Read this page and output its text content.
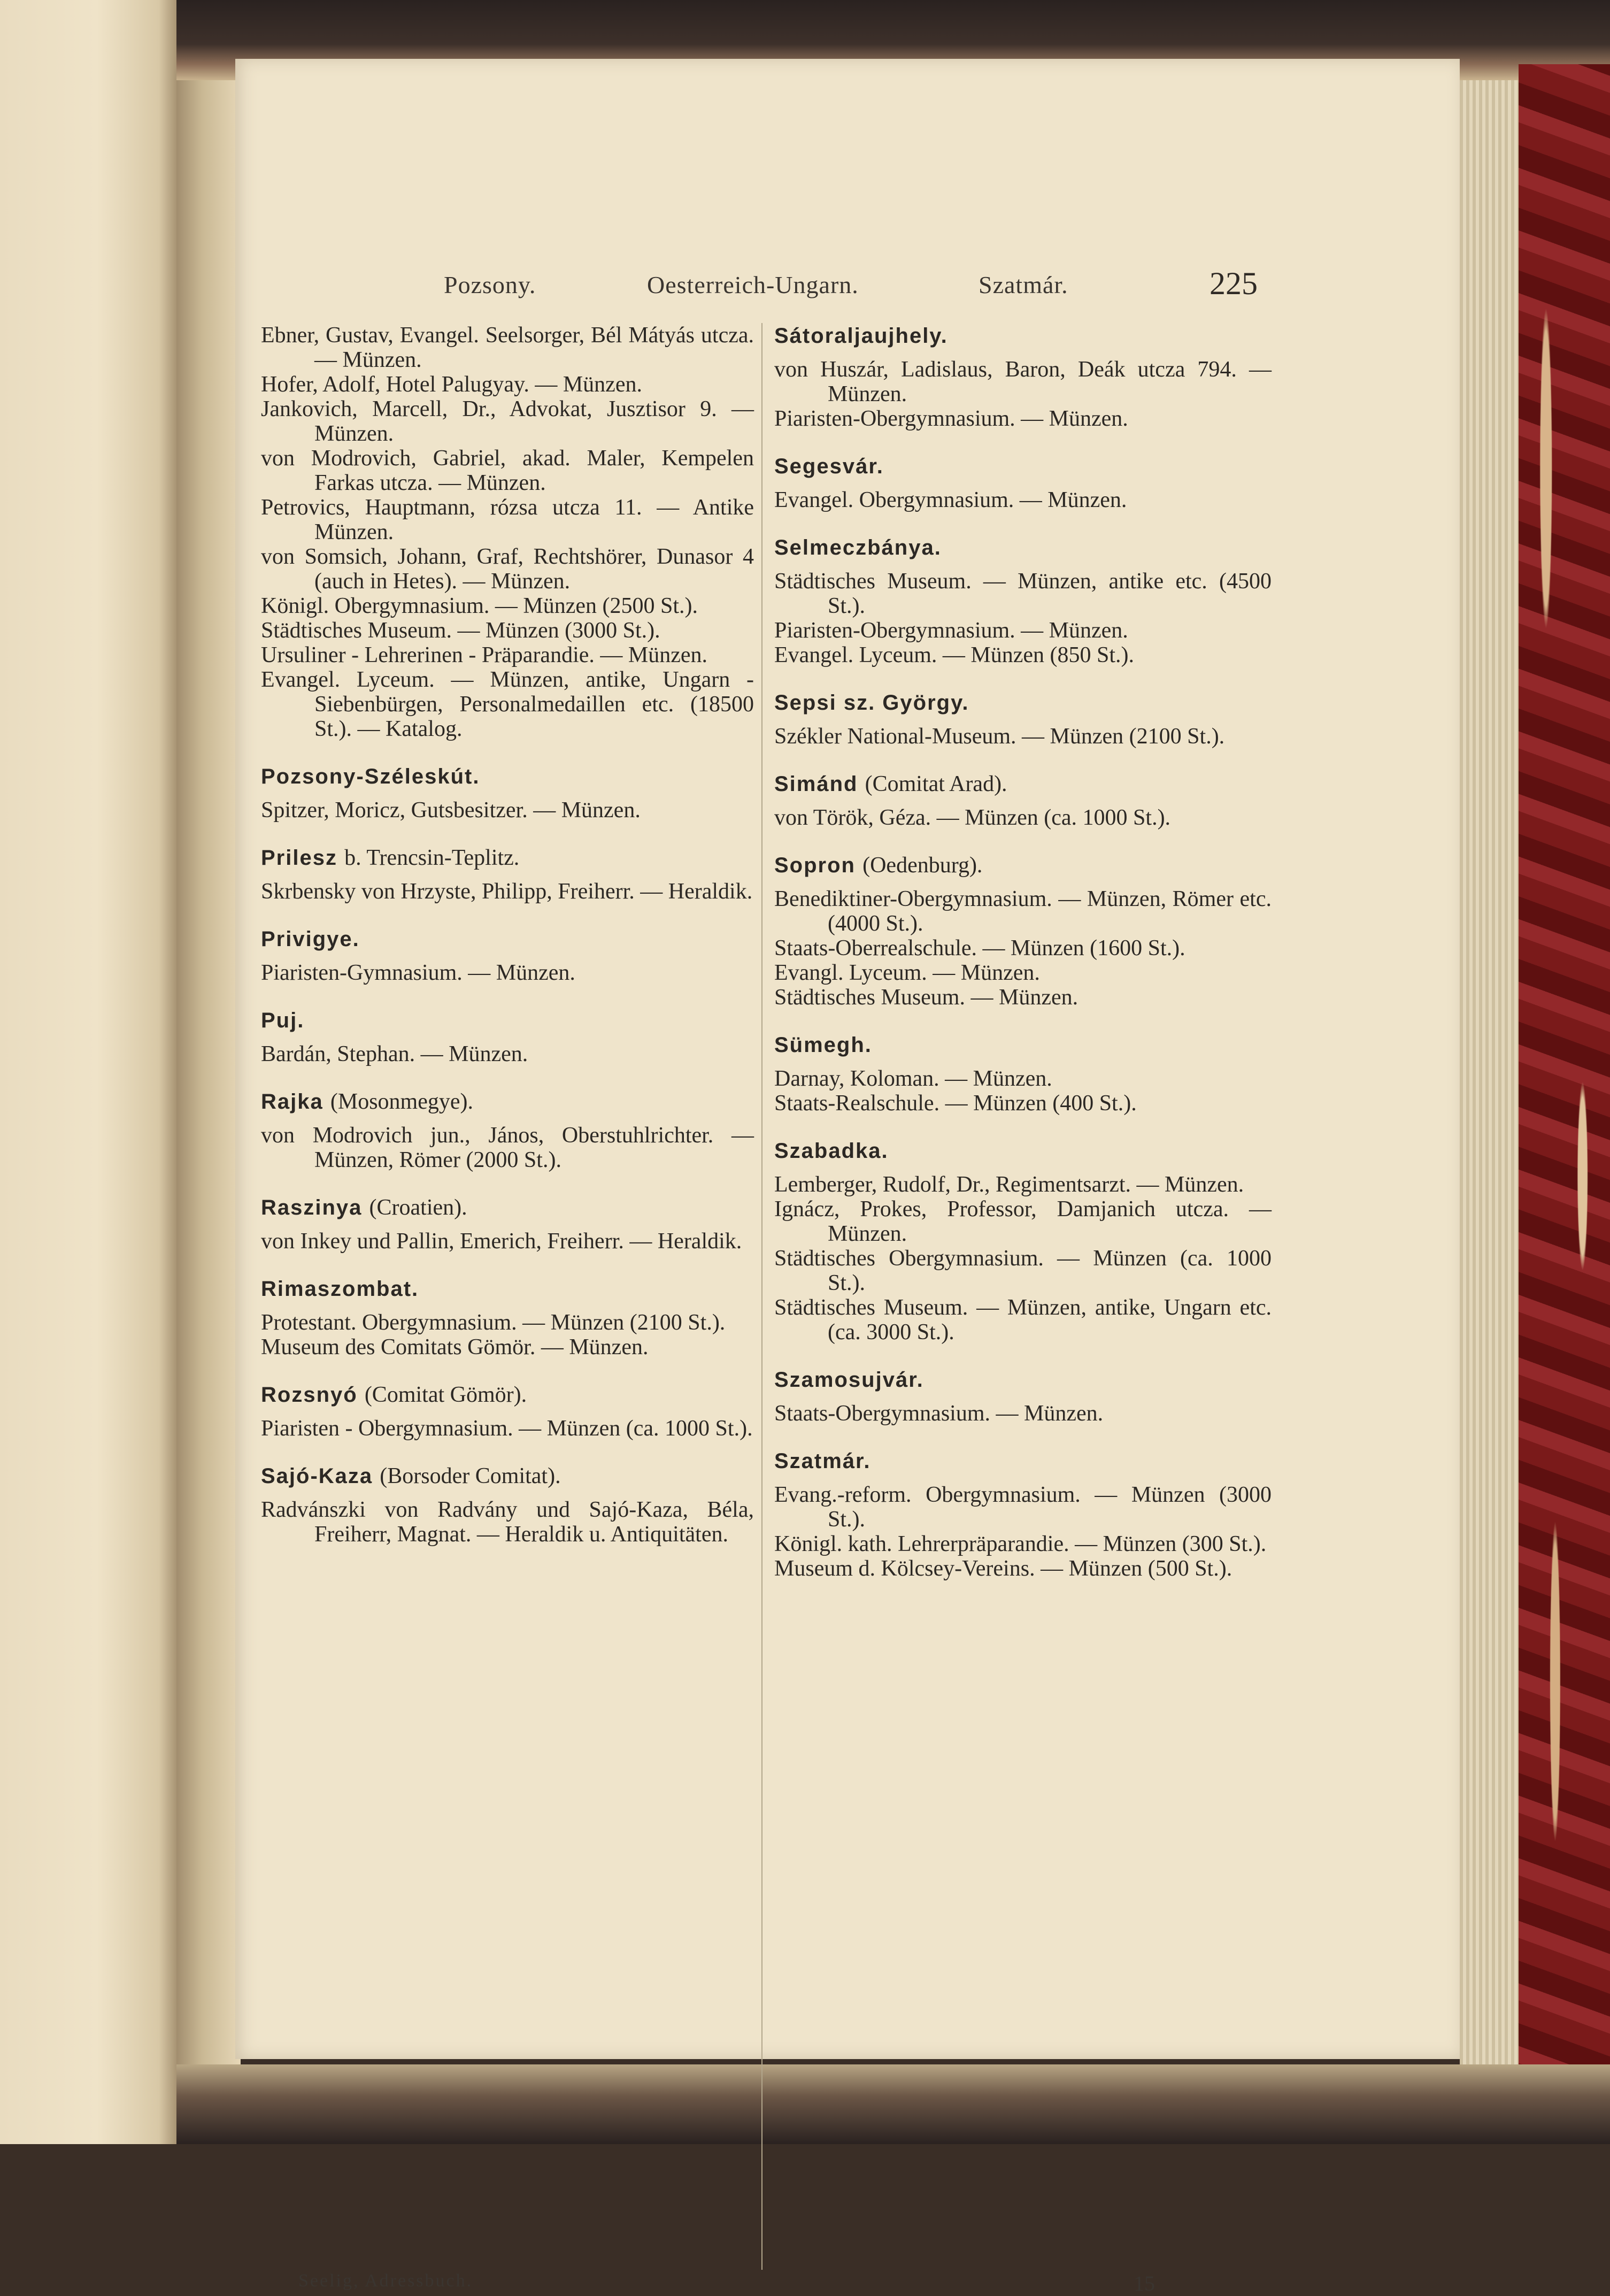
Pozsony.	Oesterreich-Ungarn.	Szatmár.	225

Ebner, Gustav, Evangel. Seelsorger, Bél Mátyás utcza. — Münzen.

Hofer, Adolf, Hotel Palugyay. — Münzen.

Jankovich, Marcell, Dr., Advokat, Jusztisor 9. — Münzen.

von Modrovich, Gabriel, akad. Maler, Kempelen Farkas utcza. — Münzen.

Petrovics, Hauptmann, rózsa utcza 11. — Antike Münzen.

von Somsich, Johann, Graf, Rechtshörer, Dunasor 4 (auch in Hetes). — Münzen.

Königl. Obergymnasium. — Münzen (2500 St.).

Städtisches Museum. — Münzen (3000 St.).

Ursuliner - Lehrerinen - Präparandie. — Münzen.

Evangel. Lyceum. — Münzen, antike, Ungarn - Siebenbürgen, Personalmedaillen etc. (18500 St.). — Katalog.

Pozsony-Széleskút.

Spitzer, Moricz, Gutsbesitzer. — Münzen.

Prilesz b. Trencsin-Teplitz.

Skrbensky von Hrzyste, Philipp, Freiherr. — Heraldik.

Privigye.

Piaristen-Gymnasium. — Münzen.

Puj.

Bardán, Stephan. — Münzen.

Rajka (Mosonmegye).

von Modrovich jun., János, Oberstuhlrichter. — Münzen, Römer (2000 St.).

Raszinya (Croatien).

von Inkey und Pallin, Emerich, Freiherr. — Heraldik.

Rimaszombat.

Protestant. Obergymnasium. — Münzen (2100 St.).

Museum des Comitats Gömör. — Münzen.

Rozsnyó (Comitat Gömör).

Piaristen - Obergymnasium. — Münzen (ca. 1000 St.).

Sajó-Kaza (Borsoder Comitat).

Radvánszki von Radvány und Sajó-Kaza, Béla, Freiherr, Magnat. — Heraldik u. Antiquitäten.

Sátoraljaujhely.

von Huszár, Ladislaus, Baron, Deák utcza 794. — Münzen.

Piaristen-Obergymnasium. — Münzen.

Segesvár.

Evangel. Obergymnasium. — Münzen.

Selmeczbánya.

Städtisches Museum. — Münzen, antike etc. (4500 St.).

Piaristen-Obergymnasium. — Münzen.

Evangel. Lyceum. — Münzen (850 St.).

Sepsi sz. György.

Székler National-Museum. — Münzen (2100 St.).

Simánd (Comitat Arad).

von Török, Géza. — Münzen (ca. 1000 St.).

Sopron (Oedenburg).

Benediktiner-Obergymnasium. — Münzen, Römer etc. (4000 St.).

Staats-Oberrealschule. — Münzen (1600 St.).

Evangl. Lyceum. — Münzen.

Städtisches Museum. — Münzen.

Sümegh.

Darnay, Koloman. — Münzen.

Staats-Realschule. — Münzen (400 St.).

Szabadka.

Lemberger, Rudolf, Dr., Regimentsarzt. — Münzen.

Ignácz, Prokes, Professor, Damjanich utcza. — Münzen.

Städtisches Obergymnasium. — Münzen (ca. 1000 St.).

Städtisches Museum. — Münzen, antike, Ungarn etc. (ca. 3000 St.).

Szamosujvár.

Staats-Obergymnasium. — Münzen.

Szatmár.

Evang.-reform. Obergymnasium. — Münzen (3000 St.).

Königl. kath. Lehrerpräparandie. — Münzen (300 St.).

Museum d. Kölcsey-Vereins. — Münzen (500 St.).

Seelig, Adressbuch.	15
